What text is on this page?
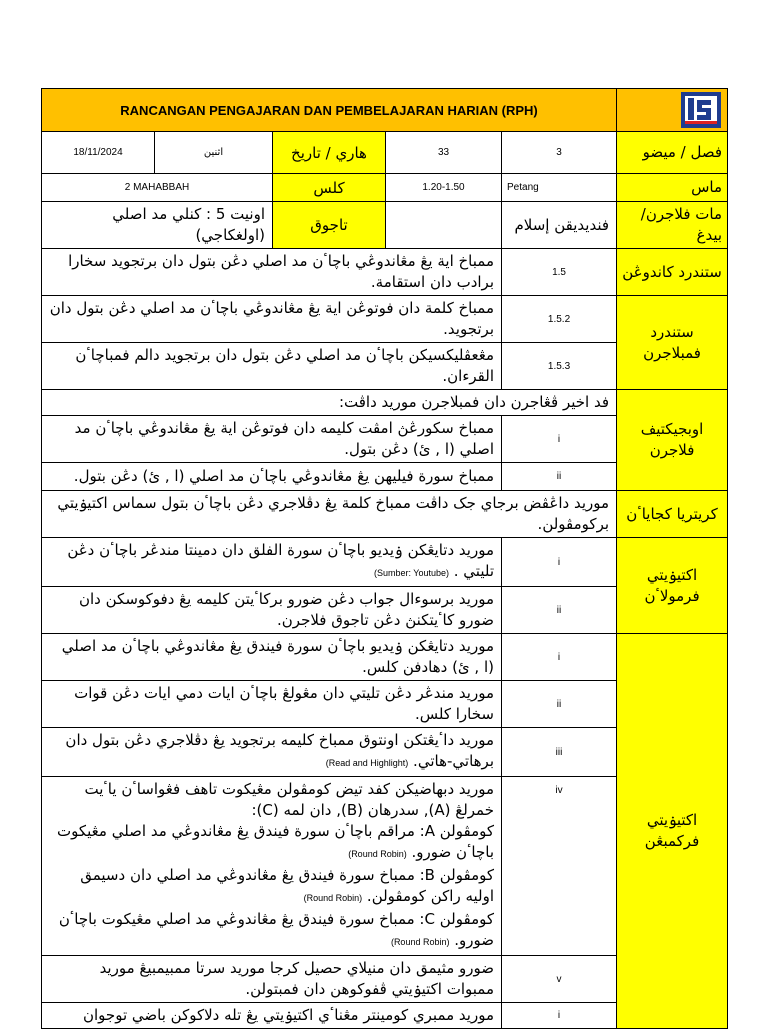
RANCANGAN PENGAJARAN DAN PEMBELAJARAN HARIAN (RPH)	

18/11/2024	اثنين	هاري / تاريخ	33	3	فصل / ميضو	
2 MAHABBAH		کلس	1.20-1.50	Petang	ماس	
اونيت 5 : کنلي مد اصلي (اولغکاجي)		تاجوق		فنديديقن إسلام	مات فلاجرن/ بيدغ	
ممباخ اية يڠ مڠاندوڠي باچاٴن مد اصلي دڠن بتول دان برتجويد سخارا برادب دان استقامة.				1.5	ستندرد کاندوڠن	
ممباخ کلمة دان فوتوڠن اية يڠ مڠاندوڠي باچاٴن مد اصلي دڠن بتول دان برتجويد.				1.5.2	ستندرد فمبلاجرن	
مڠعڤليکسيکن باچاٴن مد اصلي دڠن بتول دان برتجويد دالم فمباچاٴن القرءان.				1.5.3		
فد اخير ڤڠاجرن دان فمبلاجرن موريد داڤت:					اوبجيکتيف فلاجرن	
ممباخ سکورڠڽ امڤت کليمه دان فوتوڠن اية يڠ مڠاندوڠي باچاٴن مد اصلي (ا , ئ) دڠن بتول.				i		
ممباخ سورة فيليهن يڠ مڠاندوڠي باچاٴن مد اصلي (ا , ئ) دڠن بتول.				ii		
موريد داڠڤض برجاي جک داڤت ممباخ کلمة يڠ دڤلاجري دڠن باچاٴن بتول سماس اکتيۏيتي برکومڤولن.					کريتريا کجاياٴن	
موريد دتايڠکن ۏيديو باچاٴن سورة الفلق دان دمينتا مندڠر باچاٴن دڠن تليتي . (Sumber: Youtube)				i	اکتيۏيتي فرمولاٴن	
موريد برسوءال جواب دڠن ضورو برکاٴيتن کليمه يڠ دفوکوسکن دان ضورو کاٴيتکنڽ دڠن تاجوق فلاجرن.				ii		
موريد دتايڠکن ۏيديو باچاٴن سورة فيندق يڠ مڠاندوڠي باچاٴن مد اصلي (ا , ئ) دهادفن کلس.				i	اکتيۏيتي فرکمبڠن	
موريد مندڠر دڠن تليتي دان مڠولڠ باچاٴن ايات دمي ايات دڠن قوات سخارا کلس.				ii		
موريد داٴيڠتکن اونتوق ممباخ کليمه برتجويد يڠ دڤلاجري دڠن بتول دان برهاتي-هاتي. (Read and Highlight)				iii		

موريد دبهاضيکن کفد تيض کومڤولن مڠيکوت تاهف فڠواساٴن ياٴيت خمرلڠ (A), سدرهان (B), دان لمه (C):

کومڤولن A: مراقم باچاٴن سورة فيندق يڠ مڠاندوڠي مد اصلي مڠيکوت باچاٴن ضورو. (Round Robin)

کومڤولن B: ممباخ سورة فيندق يڠ مڠاندوڠي مد اصلي دان دسيمق اوليه راکن کومڤولن. (Round Robin)

کومڤولن C: ممباخ سورة فيندق يڠ مڠاندوڠي مد اصلي مڠيکوت باچاٴن ضورو. (Round Robin)				iv		
ضورو مثيمق دان منيلاي حصيل کرجا موريد سرتا ممبيمبيڠ موريد ممبوات اکتيۏيتي ڤفوکوهن دان فمبتولن.				v		
موريد ممبري کومينتر مڠناٴي اکتيۏيتي يڠ تله دلاکوکن باضي توجوان				i	
